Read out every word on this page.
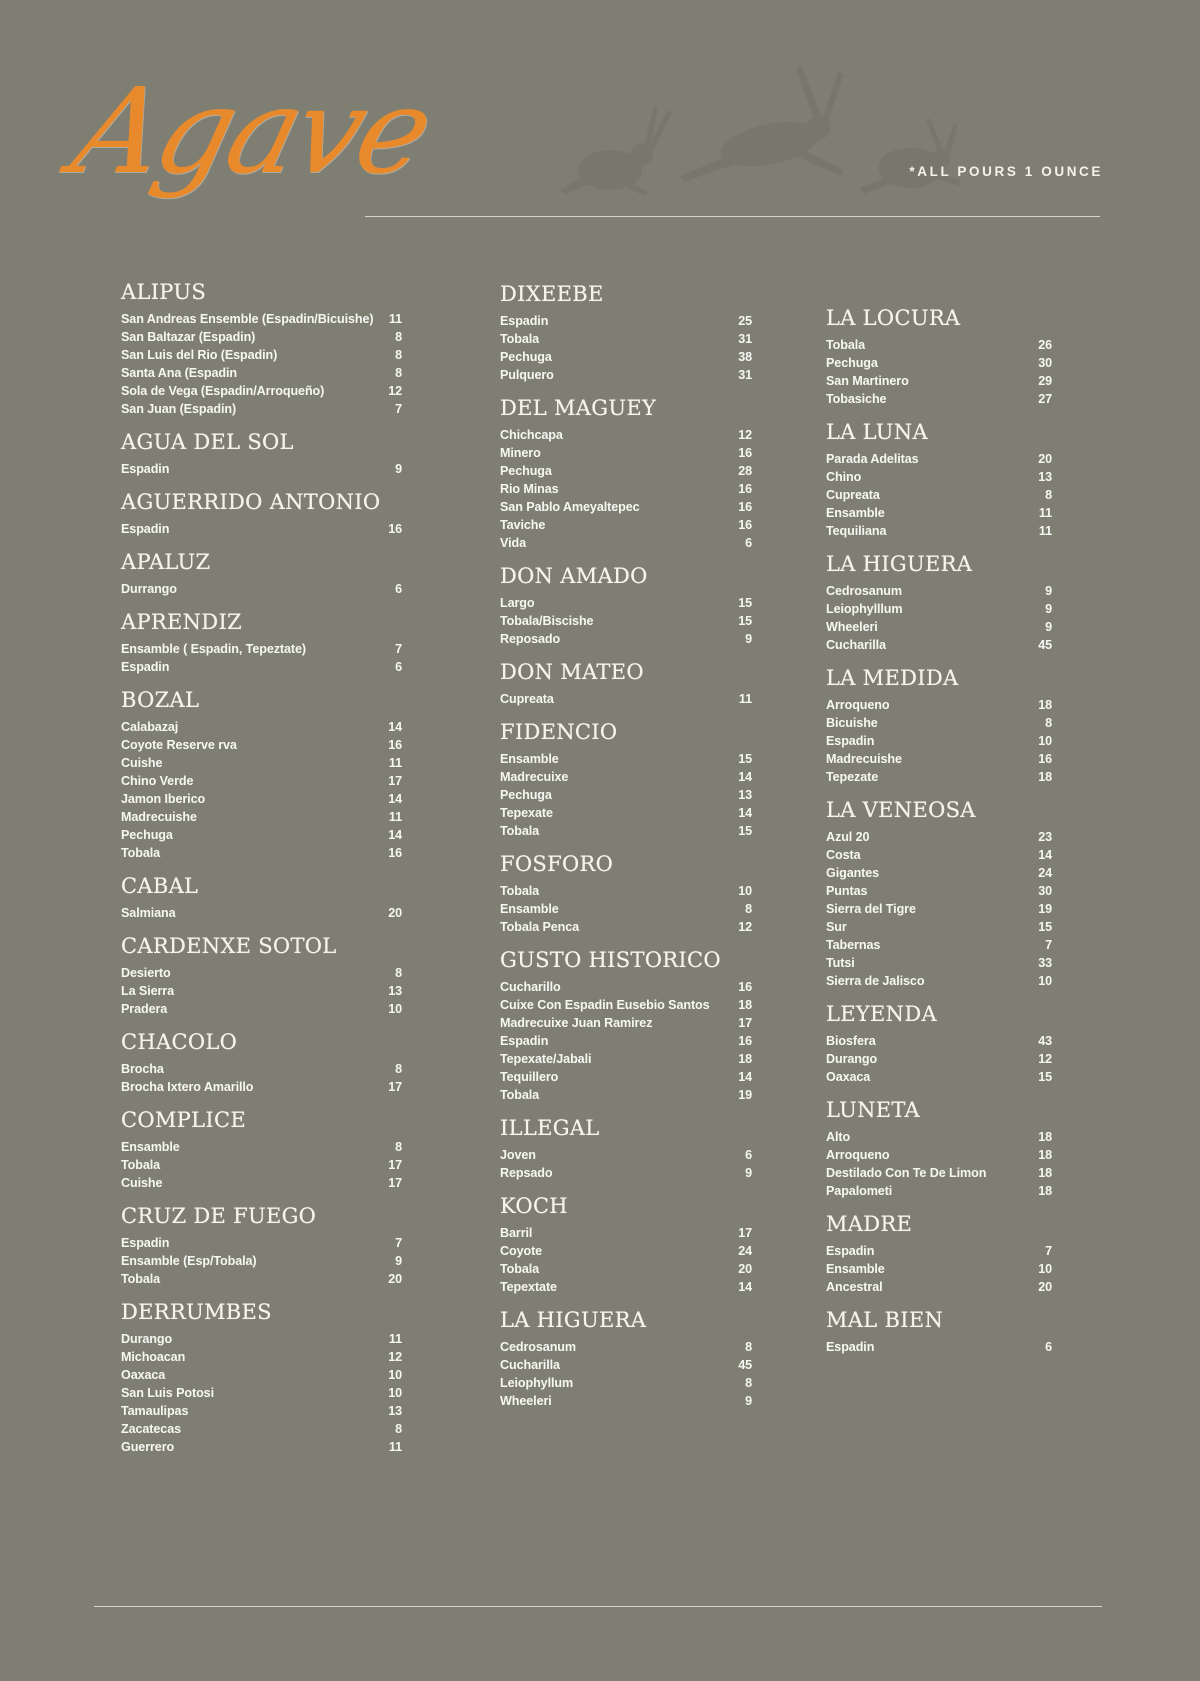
Agave	*ALL POURS 1 OUNCE
ALIPUS
San Andreas Ensemble (Espadin/Bicuishe)	11
San Baltazar (Espadin)	8
San Luis del Rio (Espadin)	8
Santa Ana (Espadin	8
Sola de Vega (Espadin/Arroqueño)	12
San Juan (Espadin)	7
AGUA DEL SOL
Espadin	9
AGUERRIDO ANTONIO
Espadin	16
APALUZ
Durrango	6
APRENDIZ
Ensamble ( Espadin, Tepeztate)	7
Espadin	6
BOZAL
Calabazaj	14
Coyote Reserve rva	16
Cuishe	11
Chino Verde	17
Jamon Iberico	14
Madrecuishe	11
Pechuga	14
Tobala	16
CABAL
Salmiana	20
CARDENXE SOTOL
Desierto	8
La Sierra	13
Pradera	10
CHACOLO
Brocha	8
Brocha Ixtero Amarillo	17
COMPLICE
Ensamble	8
Tobala	17
Cuishe	17
CRUZ DE FUEGO
Espadin	7
Ensamble (Esp/Tobala)	9
Tobala	20
DERRUMBES
Durango	11
Michoacan	12
Oaxaca	10
San Luis Potosi	10
Tamaulipas	13
Zacatecas	8
Guerrero	11
DIXEEBE
Espadin	25
Tobala	31
Pechuga	38
Pulquero	31
DEL MAGUEY
Chichcapa	12
Minero	16
Pechuga	28
Rio Minas	16
San Pablo Ameyaltepec	16
Taviche	16
Vida	6
DON AMADO
Largo	15
Tobala/Biscishe	15
Reposado	9
DON MATEO
Cupreata	11
FIDENCIO
Ensamble	15
Madrecuixe	14
Pechuga	13
Tepexate	14
Tobala	15
FOSFORO
Tobala	10
Ensamble	8
Tobala Penca	12
GUSTO HISTORICO
Cucharillo	16
Cuixe Con Espadin Eusebio Santos	18
Madrecuixe Juan Ramirez	17
Espadin	16
Tepexate/Jabali	18
Tequillero	14
Tobala	19
ILLEGAL
Joven	6
Repsado	9
KOCH
Barril	17
Coyote	24
Tobala	20
Tepextate	14
LA HIGUERA
Cedrosanum	8
Cucharilla	45
Leiophyllum	8
Wheeleri	9
LA LOCURA
Tobala	26
Pechuga	30
San Martinero	29
Tobasiche	27
LA LUNA
Parada Adelitas	20
Chino	13
Cupreata	8
Ensamble	11
Tequiliana	11
LA HIGUERA
Cedrosanum	9
Leiophylllum	9
Wheeleri	9
Cucharilla	45
LA MEDIDA
Arroqueno	18
Bicuishe	8
Espadin	10
Madrecuishe	16
Tepezate	18
LA VENEOSA
Azul 20	23
Costa	14
Gigantes	24
Puntas	30
Sierra del Tigre	19
Sur	15
Tabernas	7
Tutsi	33
Sierra de Jalisco	10
LEYENDA
Biosfera	43
Durango	12
Oaxaca	15
LUNETA
Alto	18
Arroqueno	18
Destilado Con Te De Limon	18
Papalometi	18
MADRE
Espadin	7
Ensamble	10
Ancestral	20
MAL BIEN
Espadin	6
